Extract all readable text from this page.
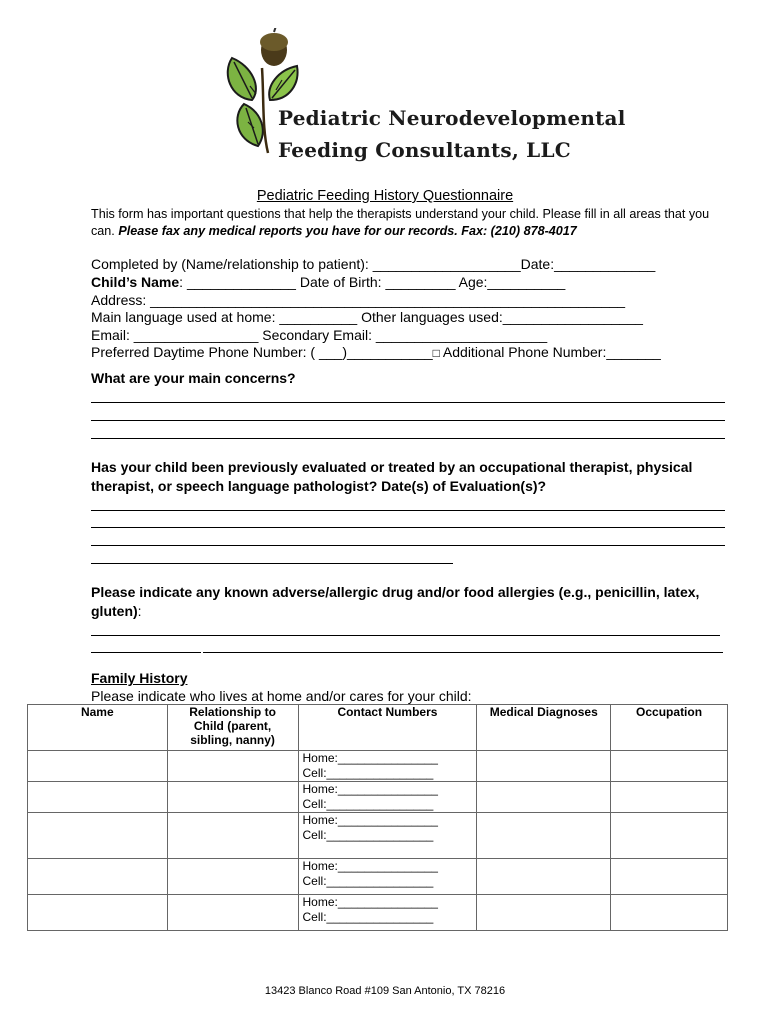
Pediatric Neurodevelopmental
Feeding Consultants, LLC
Pediatric Feeding History Questionnaire
This form has important questions that help the therapists understand your child. Please fill in all areas that you can. Please fax any medical reports you have for our records. Fax: (210) 878-4017
Completed by (Name/relationship to patient): ___________________Date:_____________
Child’s Name: ______________ Date of Birth: _________ Age:__________
Address: _____________________________________________________________
Main language used at home: __________ Other languages used:__________________
Email: ________________ Secondary Email: ______________________
Preferred Daytime Phone Number: ( ___)___________□ Additional Phone Number:_______
What are your main concerns?
Has your child been previously evaluated or treated by an occupational therapist, physical therapist, or speech language pathologist? Date(s) of Evaluation(s)?
Please indicate any known adverse/allergic drug and/or food allergies (e.g., penicillin, latex, gluten):
Family History
Please indicate who lives at home and/or cares for your child:
Name	Relationship to Child (parent, sibling, nanny)	Contact Numbers	Medical Diagnoses	Occupation

		Home:_______________
Cell:________________		

		Home:_______________
Cell:________________		

		Home:_______________
Cell:________________		

		Home:_______________
Cell:________________		

		Home:_______________
Cell:________________		

13423 Blanco Road #109 San Antonio, TX 78216
